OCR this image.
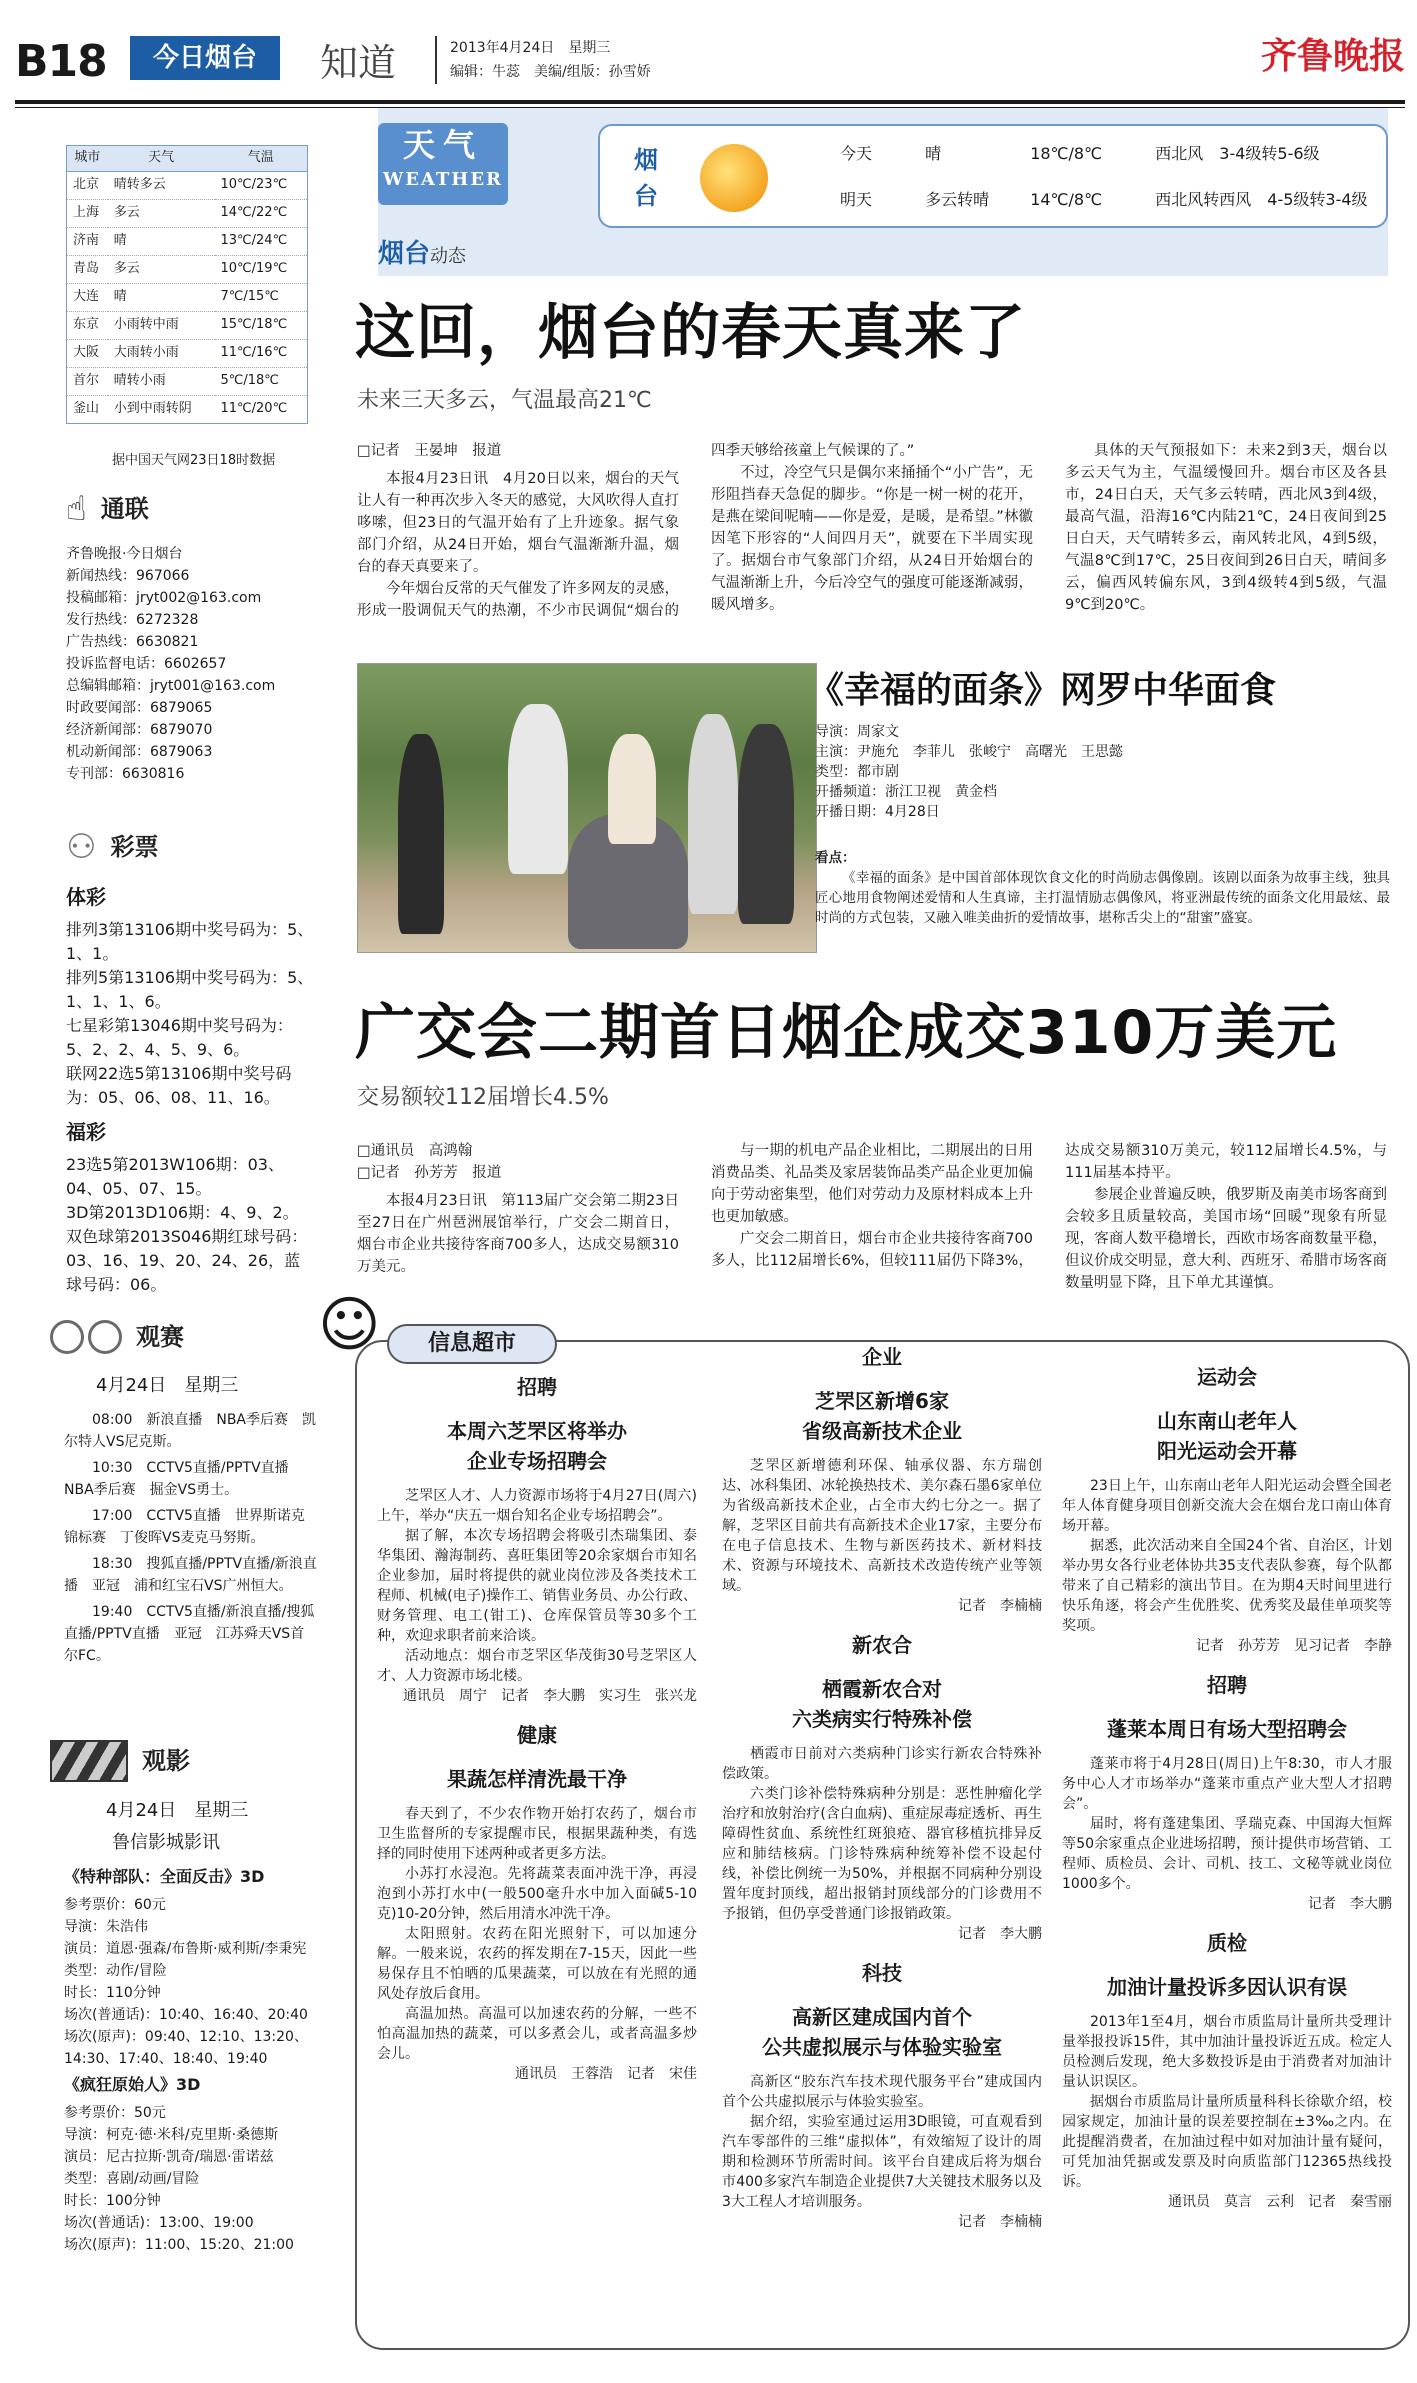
B18	今日烟台	知道	2013年4月24日　星期三
编辑：牛蕊　美编/组版：孙雪娇	齐鲁晚报
城市	天气	气温
北京	晴转多云	10℃/23℃
上海	多云	14℃/22℃
济南	晴	13℃/24℃
青岛	多云	10℃/19℃
大连	晴	7℃/15℃
东京	小雨转中雨	15℃/18℃
大阪	大雨转小雨	11℃/16℃
首尔	晴转小雨	5℃/18℃
釜山	小到中雨转阴	11℃/20℃
据中国天气网23日18时数据
☝ 通联
齐鲁晚报·今日烟台
新闻热线：967066
投稿邮箱：jryt002@163.com
发行热线：6272328
广告热线：6630821
投诉监督电话：6602657
总编辑邮箱：jryt001@163.com
时政要闻部：6879065
经济新闻部：6879070
机动新闻部：6879063
专刊部：6630816
⚇ 彩票
体彩
排列3第13106期中奖号码为：5、1、1。
排列5第13106期中奖号码为：5、1、1、1、6。
七星彩第13046期中奖号码为：5、2、2、4、5、9、6。
联网22选5第13106期中奖号码为：05、06、08、11、16。
福彩
23选5第2013W106期：03、04、05、07、15。
3D第2013D106期：4、9、2。
双色球第2013S046期红球号码：03、16、19、20、24、26，蓝球号码：06。
观赛
4月24日　星期三
08:00　新浪直播　NBA季后赛　凯尔特人VS尼克斯。
10:30　CCTV5直播/PPTV直播　NBA季后赛　掘金VS勇士。
17:00　CCTV5直播　世界斯诺克锦标赛　丁俊晖VS麦克马努斯。
18:30　搜狐直播/PPTV直播/新浪直播　亚冠　浦和红宝石VS广州恒大。
19:40　CCTV5直播/新浪直播/搜狐直播/PPTV直播　亚冠　江苏舜天VS首尔FC。
观影
4月24日　星期三
鲁信影城影讯
《特种部队：全面反击》3D
参考票价：60元
导演：朱浩伟
演员：道恩·强森/布鲁斯·威利斯/李秉宪
类型：动作/冒险
时长：110分钟
场次(普通话)：10:40、16:40、20:40
场次(原声)：09:40、12:10、13:20、14:30、17:40、18:40、19:40
《疯狂原始人》3D
参考票价：50元
导演：柯克·德·米科/克里斯·桑德斯
演员：尼古拉斯·凯奇/瑞恩·雷诺兹
类型：喜剧/动画/冒险
时长：100分钟
场次(普通话)：13:00、19:00
场次(原声)：11:00、15:20、21:00
天气
WEATHER
烟台
今天	晴	18℃/8℃	西北风　3-4级转5-6级
明天	多云转晴	14℃/8℃	西北风转西风　4-5级转3-4级
烟台动态
这回，烟台的春天真来了
未来三天多云，气温最高21℃
□记者　王晏坤　报道

本报4月23日讯　4月20日以来，烟台的天气让人有一种再次步入冬天的感觉，大风吹得人直打哆嗦，但23日的气温开始有了上升迹象。据气象部门介绍，从24日开始，烟台气温渐渐升温，烟台的春天真要来了。

今年烟台反常的天气催发了许多网友的灵感，形成一股调侃天气的热潮，不少市民调侃“烟台的四季天够给孩童上气候课的了。”

不过，冷空气只是偶尔来捅捅个“小广告”，无形阻挡春天急促的脚步。“你是一树一树的花开，是燕在梁间呢喃——你是爱，是暖，是希望。”林徽因笔下形容的“人间四月天”，就要在下半周实现了。据烟台市气象部门介绍，从24日开始烟台的气温渐渐上升，今后冷空气的强度可能逐渐减弱，暖风增多。

具体的天气预报如下：未来2到3天，烟台以多云天气为主，气温缓慢回升。烟台市区及各县市，24日白天，天气多云转晴，西北风3到4级，最高气温，沿海16℃内陆21℃，24日夜间到25日白天，天气晴转多云，南风转北风，4到5级，气温8℃到17℃，25日夜间到26日白天，晴间多云，偏西风转偏东风，3到4级转4到5级，气温9℃到20℃。

《幸福的面条》网罗中华面食
导演：周家文
主演：尹施允　李菲儿　张峻宁　高曙光　王思懿
类型：都市剧
开播频道：浙江卫视　黄金档
开播日期：4月28日
看点：
《幸福的面条》是中国首部体现饮食文化的时尚励志偶像剧。该剧以面条为故事主线，独具匠心地用食物阐述爱情和人生真谛，主打温情励志偶像风，将亚洲最传统的面条文化用最炫、最时尚的方式包装，又融入唯美曲折的爱情故事，堪称舌尖上的“甜蜜”盛宴。
广交会二期首日烟企成交310万美元
交易额较112届增长4.5%
□通讯员　高鸿翰
□记者　孙芳芳　报道

本报4月23日讯　第113届广交会第二期23日至27日在广州琶洲展馆举行，广交会二期首日，烟台市企业共接待客商700多人，达成交易额310万美元。

与一期的机电产品企业相比，二期展出的日用消费品类、礼品类及家居装饰品类产品企业更加偏向于劳动密集型，他们对劳动力及原材料成本上升也更加敏感。

广交会二期首日，烟台市企业共接待客商700多人，比112届增长6%，但较111届仍下降3%，达成交易额310万美元，较112届增长4.5%，与111届基本持平。

参展企业普遍反映，俄罗斯及南美市场客商到会较多且质量较高，美国市场“回暖”现象有所显现，客商人数平稳增长，西欧市场客商数量平稳，但议价成交明显，意大利、西班牙、希腊市场客商数量明显下降，且下单尤其谨慎。

☺	信息超市
招聘
本周六芝罘区将举办
企业专场招聘会

芝罘区人才、人力资源市场将于4月27日(周六)上午，举办“庆五一烟台知名企业专场招聘会”。

据了解，本次专场招聘会将吸引杰瑞集团、泰华集团、瀚海制药、喜旺集团等20余家烟台市知名企业参加，届时将提供的就业岗位涉及各类技术工程师、机械(电子)操作工、销售业务员、办公行政、财务管理、电工(钳工)、仓库保管员等30多个工种，欢迎求职者前来洽谈。

活动地点：烟台市芝罘区华茂街30号芝罘区人才、人力资源市场北楼。

通讯员　周宁　记者　李大鹏　实习生　张兴龙
健康
果蔬怎样清洗最干净

春天到了，不少农作物开始打农药了，烟台市卫生监督所的专家提醒市民，根据果蔬种类，有选择的同时使用下述两种或者更多方法。

小苏打水浸泡。先将蔬菜表面冲洗干净，再浸泡到小苏打水中(一般500毫升水中加入面碱5-10克)10-20分钟，然后用清水冲洗干净。

太阳照射。农药在阳光照射下，可以加速分解。一般来说，农药的挥发期在7-15天，因此一些易保存且不怕晒的瓜果蔬菜，可以放在有光照的通风处存放后食用。

高温加热。高温可以加速农药的分解，一些不怕高温加热的蔬菜，可以多煮会儿，或者高温多炒会儿。

通讯员　王蓉浩　记者　宋佳
企业
芝罘区新增6家
省级高新技术企业

芝罘区新增德利环保、轴承仪器、东方瑞创达、冰科集团、冰轮换热技术、美尔森石墨6家单位为省级高新技术企业，占全市大约七分之一。据了解，芝罘区目前共有高新技术企业17家，主要分布在电子信息技术、生物与新医药技术、新材料技术、资源与环境技术、高新技术改造传统产业等领域。

记者　李楠楠
新农合
栖霞新农合对
六类病实行特殊补偿

栖霞市日前对六类病种门诊实行新农合特殊补偿政策。

六类门诊补偿特殊病种分别是：恶性肿瘤化学治疗和放射治疗(含白血病)、重症尿毒症透析、再生障碍性贫血、系统性红斑狼疮、器官移植抗排异反应和肺结核病。门诊特殊病种统筹补偿不设起付线，补偿比例统一为50%，并根据不同病种分别设置年度封顶线，超出报销封顶线部分的门诊费用不予报销，但仍享受普通门诊报销政策。

记者　李大鹏
科技
高新区建成国内首个
公共虚拟展示与体验实验室

高新区“胶东汽车技术现代服务平台”建成国内首个公共虚拟展示与体验实验室。

据介绍，实验室通过运用3D眼镜，可直观看到汽车零部件的三维“虚拟体”，有效缩短了设计的周期和检测环节所需时间。该平台自建成后将为烟台市400多家汽车制造企业提供7大关键技术服务以及3大工程人才培训服务。

记者　李楠楠
运动会
山东南山老年人
阳光运动会开幕

23日上午，山东南山老年人阳光运动会暨全国老年人体育健身项目创新交流大会在烟台龙口南山体育场开幕。

据悉，此次活动来自全国24个省、自治区，计划举办男女各行业老体协共35支代表队参赛，每个队都带来了自己精彩的演出节目。在为期4天时间里进行快乐角逐，将会产生优胜奖、优秀奖及最佳单项奖等奖项。

记者　孙芳芳　见习记者　李静
招聘
蓬莱本周日有场大型招聘会

蓬莱市将于4月28日(周日)上午8:30，市人才服务中心人才市场举办“蓬莱市重点产业大型人才招聘会”。

届时，将有蓬建集团、孚瑞克森、中国海大恒辉等50余家重点企业进场招聘，预计提供市场营销、工程师、质检员、会计、司机、技工、文秘等就业岗位1000多个。

记者　李大鹏
质检
加油计量投诉多因认识有误

2013年1至4月，烟台市质监局计量所共受理计量举报投诉15件，其中加油计量投诉近五成。检定人员检测后发现，绝大多数投诉是由于消费者对加油计量认识误区。

据烟台市质监局计量所质量科科长徐歇介绍，校园家规定，加油计量的误差要控制在±3‰之内。在此提醒消费者，在加油过程中如对加油计量有疑问，可凭加油凭据或发票及时向质监部门12365热线投诉。

通讯员　莫言　云利　记者　秦雪丽
